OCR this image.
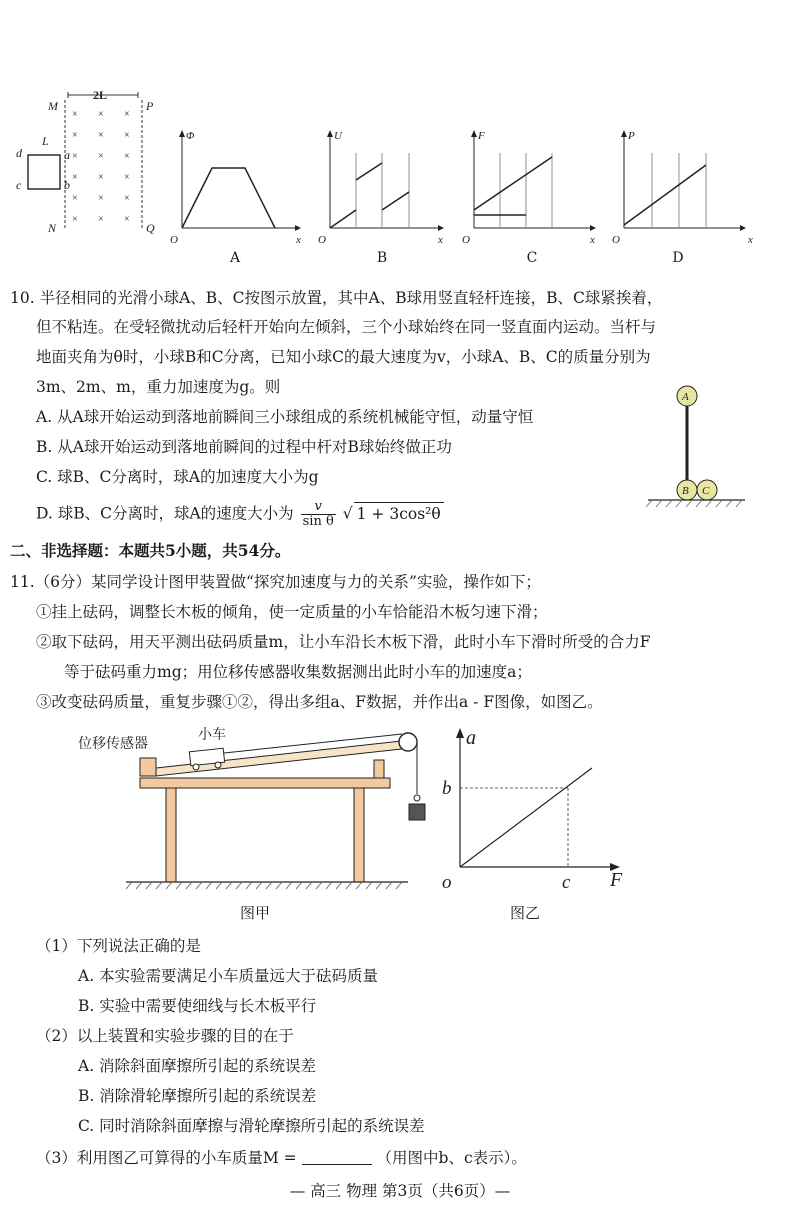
2L
M	P
N	Q
L
d
c
a
b
× × ×
× × ×
× × ×
× × ×
× × ×
× × ×
Φ
x
O
A
U
x
O
B
F
x
O
C
P
x
O
D
10. 半径相同的光滑小球A、B、C按图示放置，其中A、B球用竖直轻杆连接，B、C球紧挨着，
但不粘连。在受轻微扰动后轻杆开始向左倾斜，三个小球始终在同一竖直面内运动。当杆与
地面夹角为θ时，小球B和C分离，已知小球C的最大速度为v，小球A、B、C的质量分别为
3m、2m、m，重力加速度为g。则
A. 从A球开始运动到落地前瞬间三小球组成的系统机械能守恒，动量守恒
B. 从A球开始运动到落地前瞬间的过程中杆对B球始终做正功
C. 球B、C分离时，球A的加速度大小为g
D. 球B、C分离时，球A的速度大小为 $\frac{v}{\text{sin θ}}$ √ 1 + 3cos²θ
A
B C
二、非选择题：本题共5小题，共54分。
11.（6分）某同学设计图甲装置做“探究加速度与力的关系”实验，操作如下；
①挂上砝码，调整长木板的倾角，使一定质量的小车恰能沿木板匀速下滑；
②取下砝码，用天平测出砝码质量m，让小车沿长木板下滑，此时小车下滑时所受的合力F
等于砝码重力mg；用位移传感器收集数据测出此时小车的加速度a；
③改变砝码质量，重复步骤①②，得出多组a、F数据，并作出a - F图像，如图乙。
位移传感器
小车
图甲
a
F
o
b
c
图乙
（1）下列说法正确的是
A. 本实验需要满足小车质量远大于砝码质量
B. 实验中需要使细线与长木板平行
（2）以上装置和实验步骤的目的在于
A. 消除斜面摩擦所引起的系统误差
B. 消除滑轮摩擦所引起的系统误差
C. 同时消除斜面摩擦与滑轮摩擦所引起的系统误差
（3）利用图乙可算得的小车质量M =	（用图中b、c表示）。
— 高三 物理 第3页（共6页）—
